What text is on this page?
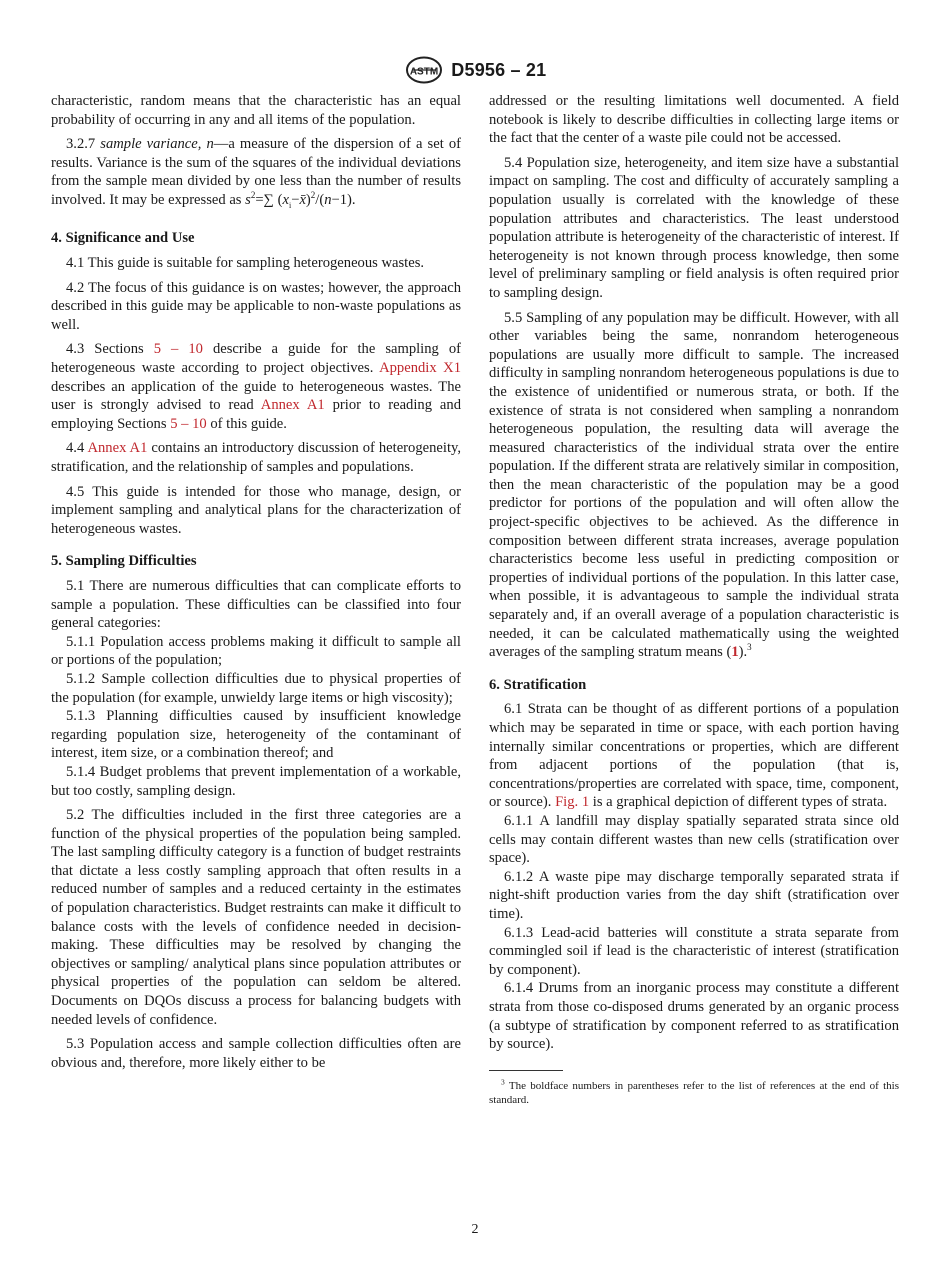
ASTM D5956 – 21

characteristic, random means that the characteristic has an equal probability of occurring in any and all items of the population.

3.2.7 sample variance, n—a measure of the dispersion of a set of results. Variance is the sum of the squares of the individual deviations from the sample mean divided by one less than the number of results involved. It may be expressed as $s^2=\sum$ $(x_i-x̄)^2/(n-1)$.

4. Significance and Use

4.1 This guide is suitable for sampling heterogeneous wastes.

4.2 The focus of this guidance is on wastes; however, the approach described in this guide may be applicable to non-waste populations as well.

4.3 Sections 5 – 10 describe a guide for the sampling of heterogeneous waste according to project objectives. Appendix X1 describes an application of the guide to heterogeneous wastes. The user is strongly advised to read Annex A1 prior to reading and employing Sections 5 – 10 of this guide.

4.4 Annex A1 contains an introductory discussion of heterogeneity, stratification, and the relationship of samples and populations.

4.5 This guide is intended for those who manage, design, or implement sampling and analytical plans for the characterization of heterogeneous wastes.

5. Sampling Difficulties

5.1 There are numerous difficulties that can complicate efforts to sample a population. These difficulties can be classified into four general categories:

5.1.1 Population access problems making it difficult to sample all or portions of the population;

5.1.2 Sample collection difficulties due to physical properties of the population (for example, unwieldy large items or high viscosity);

5.1.3 Planning difficulties caused by insufficient knowledge regarding population size, heterogeneity of the contaminant of interest, item size, or a combination thereof; and

5.1.4 Budget problems that prevent implementation of a workable, but too costly, sampling design.

5.2 The difficulties included in the first three categories are a function of the physical properties of the population being sampled. The last sampling difficulty category is a function of budget restraints that dictate a less costly sampling approach that often results in a reduced number of samples and a reduced certainty in the estimates of population characteristics. Budget restraints can make it difficult to balance costs with the levels of confidence needed in decision-making. These difficulties may be resolved by changing the objectives or sampling/ analytical plans since population attributes or physical properties of the population can seldom be altered. Documents on DQOs discuss a process for balancing budgets with needed levels of confidence.

5.3 Population access and sample collection difficulties often are obvious and, therefore, more likely either to be

addressed or the resulting limitations well documented. A field notebook is likely to describe difficulties in collecting large items or the fact that the center of a waste pile could not be accessed.

5.4 Population size, heterogeneity, and item size have a substantial impact on sampling. The cost and difficulty of accurately sampling a population usually is correlated with the knowledge of these population attributes and characteristics. The least understood population attribute is heterogeneity of the characteristic of interest. If heterogeneity is not known through process knowledge, then some level of preliminary sampling or field analysis is often required prior to sampling design.

5.5 Sampling of any population may be difficult. However, with all other variables being the same, nonrandom heterogeneous populations are usually more difficult to sample. The increased difficulty in sampling nonrandom heterogeneous populations is due to the existence of unidentified or numerous strata, or both. If the existence of strata is not considered when sampling a nonrandom heterogeneous population, the resulting data will average the measured characteristics of the individual strata over the entire population. If the different strata are relatively similar in composition, then the mean characteristic of the population may be a good predictor for portions of the population and will often allow the project-specific objectives to be achieved. As the difference in composition between different strata increases, average population characteristics become less useful in predicting composition or properties of individual portions of the population. In this latter case, when possible, it is advantageous to sample the individual strata separately and, if an overall average of a population characteristic is needed, it can be calculated mathematically using the weighted averages of the sampling stratum means (1).$^3$

6. Stratification

6.1 Strata can be thought of as different portions of a population which may be separated in time or space, with each portion having internally similar concentrations or properties, which are different from adjacent portions of the population (that is, concentrations/properties are correlated with space, time, component, or source). Fig. 1 is a graphical depiction of different types of strata.

6.1.1 A landfill may display spatially separated strata since old cells may contain different wastes than new cells (stratification over space).

6.1.2 A waste pipe may discharge temporally separated strata if night-shift production varies from the day shift (stratification over time).

6.1.3 Lead-acid batteries will constitute a strata separate from commingled soil if lead is the characteristic of interest (stratification by component).

6.1.4 Drums from an inorganic process may constitute a different strata from those co-disposed drums generated by an organic process (a subtype of stratification by component referred to as stratification by source).

$^3$ The boldface numbers in parentheses refer to the list of references at the end of this standard.

2
